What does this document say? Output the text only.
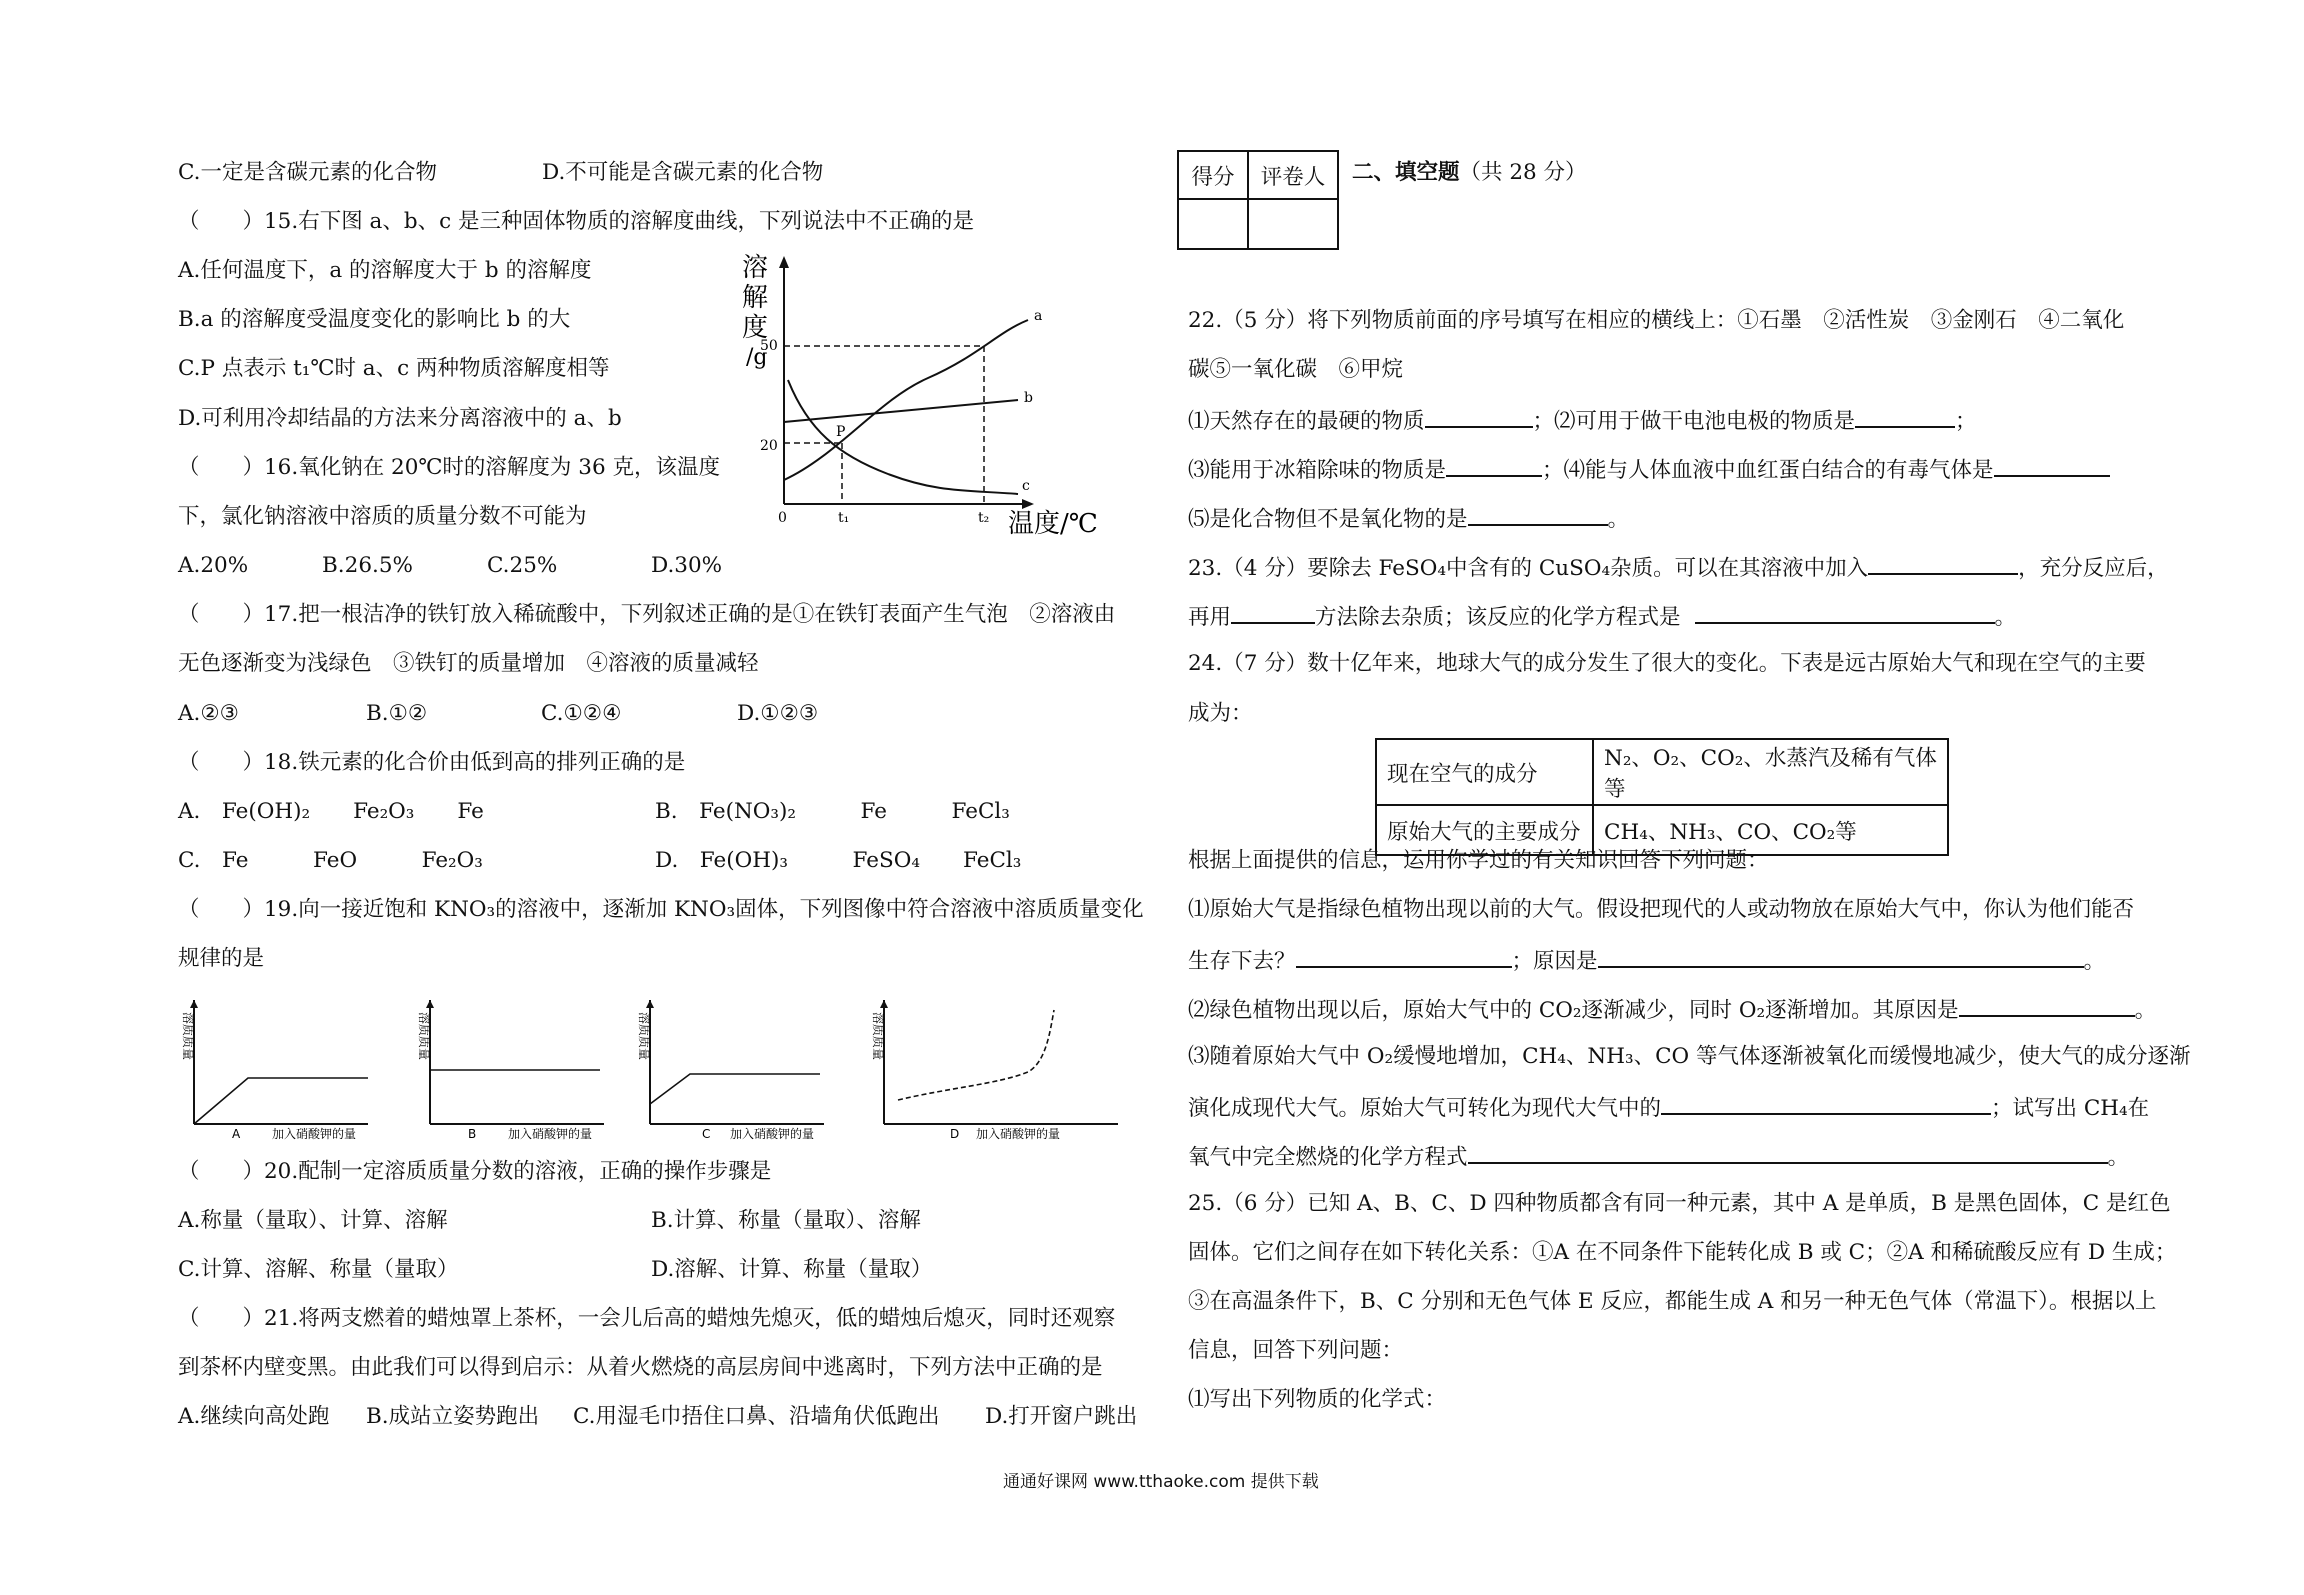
C.一定是含碳元素的化合物	D.不可能是含碳元素的化合物
（　　）15.右下图 a、b、c 是三种固体物质的溶解度曲线，下列说法中不正确的是
A.任何温度下，a 的溶解度大于 b 的溶解度
B.a 的溶解度受温度变化的影响比 b 的大
C.P 点表示 t₁℃时 a、c 两种物质溶解度相等
D.可利用冷却结晶的方法来分离溶液中的 a、b
（　　）16.氧化钠在 20℃时的溶解度为 36 克，该温度
下，氯化钠溶液中溶质的质量分数不可能为
A.20%	B.26.5%	C.25%	D.30%
（　　）17.把一根洁净的铁钉放入稀硫酸中，下列叙述正确的是①在铁钉表面产生气泡　②溶液由
无色逐渐变为浅绿色　③铁钉的质量增加　④溶液的质量减轻
A.②③	B.①②	C.①②④	D.①②③
（　　）18.铁元素的化合价由低到高的排列正确的是
A.　Fe(OH)₂　　Fe₂O₃　　Fe	B.　Fe(NO₃)₂　　　Fe　　　FeCl₃
C.　Fe　　　FeO　　　Fe₂O₃	D.　Fe(OH)₃　　　FeSO₄　　FeCl₃
（　　）19.向一接近饱和 KNO₃的溶液中，逐渐加 KNO₃固体，下列图像中符合溶液中溶质质量变化
规律的是
A	加入硝酸钾的量
溶质质量
B	加入硝酸钾的量
溶质质量
C 加入硝酸钾的量
溶质质量
D 加入硝酸钾的量
溶质质量
（　　）20.配制一定溶质质量分数的溶液，正确的操作步骤是
A.称量（量取）、计算、溶解	B.计算、称量（量取）、溶解
C.计算、溶解、称量（量取）	D.溶解、计算、称量（量取）
（　　）21.将两支燃着的蜡烛罩上茶杯，一会儿后高的蜡烛先熄灭，低的蜡烛后熄灭，同时还观察
到茶杯内壁变黑。由此我们可以得到启示：从着火燃烧的高层房间中逃离时，下列方法中正确的是
A.继续向高处跑 B.成站立姿势跑出 C.用湿毛巾捂住口鼻、沿墙角伏低跑出 D.打开窗户跳出
溶
解
度
/g
50
20
0	t₁	t₂ 温度/℃
P
a
b
c
得分	评卷人
	二、填空题（共 28 分）
22.（5 分）将下列物质前面的序号填写在相应的横线上：①石墨　②活性炭　③金刚石　④二氧化
碳⑤一氧化碳　⑥甲烷
⑴天然存在的最硬的物质	；⑵可用于做干电池电极的物质是	；
⑶能用于冰箱除味的物质是	；⑷能与人体血液中血红蛋白结合的有毒气体是
⑸是化合物但不是氧化物的是	。
23.（4 分）要除去 FeSO₄中含有的 CuSO₄杂质。可以在其溶液中加入	，充分反应后，
再用	方法除去杂质；该反应的化学方程式是	。
24.（7 分）数十亿年来，地球大气的成分发生了很大的变化。下表是远古原始大气和现在空气的主要
成为：
现在空气的成分	N₂、O₂、CO₂、水蒸汽及稀有气体等
原始大气的主要成分	CH₄、NH₃、CO、CO₂等
根据上面提供的信息，运用你学过的有关知识回答下列问题：
⑴原始大气是指绿色植物出现以前的大气。假设把现代的人或动物放在原始大气中，你认为他们能否
生存下去？	；原因是	。
⑵绿色植物出现以后，原始大气中的 CO₂逐渐减少，同时 O₂逐渐增加。其原因是	。
⑶随着原始大气中 O₂缓慢地增加，CH₄、NH₃、CO 等气体逐渐被氧化而缓慢地减少，使大气的成分逐渐
演化成现代大气。原始大气可转化为现代大气中的	；试写出 CH₄在
氧气中完全燃烧的化学方程式	。
25.（6 分）已知 A、B、C、D 四种物质都含有同一种元素，其中 A 是单质，B 是黑色固体，C 是红色
固体。它们之间存在如下转化关系：①A 在不同条件下能转化成 B 或 C；②A 和稀硫酸反应有 D 生成；
③在高温条件下，B、C 分别和无色气体 E 反应，都能生成 A 和另一种无色气体（常温下）。根据以上
信息，回答下列问题：
⑴写出下列物质的化学式：
通通好课网 www.tthaoke.com 提供下载
